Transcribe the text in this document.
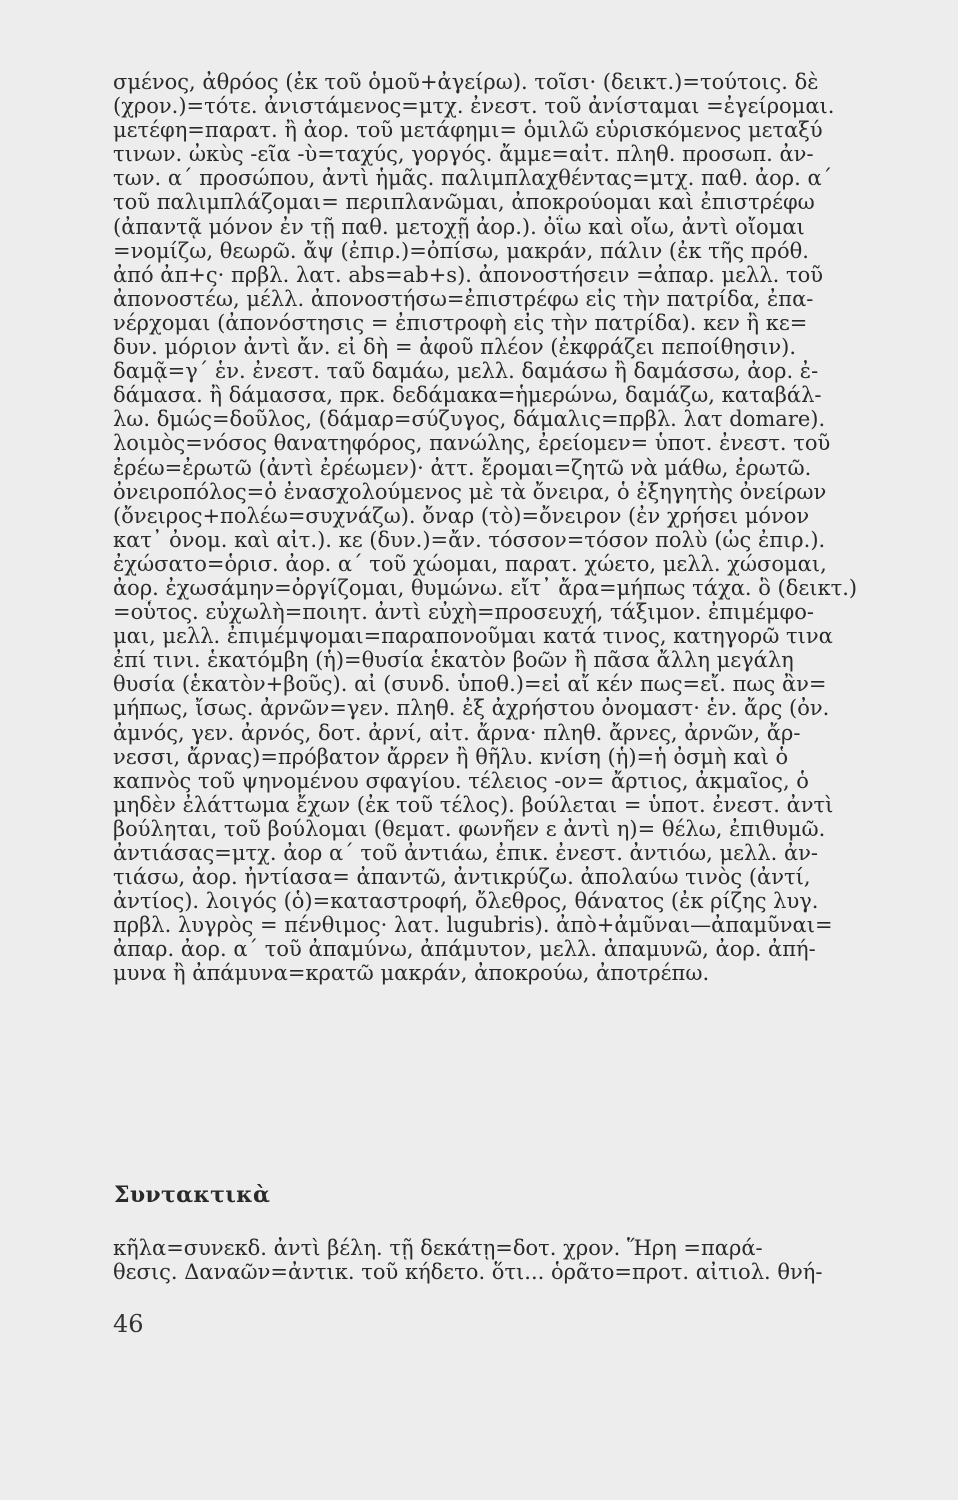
σμένος, ἀθρόος (ἐκ τοῦ ὁμοῦ+ἀγείρω). τοῖσι· (δεικτ.)=τούτοις. δὲ
(χρον.)=τότε. ἀνιστάμενος=μτχ. ἐνεστ. τοῦ ἀνίσταμαι =ἐγείρομαι.
μετέφη=παρατ. ἢ ἀορ. τοῦ μετάφημι= ὁμιλῶ εὑρισκόμενος μεταξύ
τινων. ὠκὺς -εῖα -ὺ=ταχύς, γοργός. ἄμμε=αἰτ. πληθ. προσωπ. ἀν-
των. α΄ προσώπου, ἀντὶ ἡμᾶς. παλιμπλαχθέντας=μτχ. παθ. ἀορ. α΄
τοῦ παλιμπλάζομαι= περιπλανῶμαι, ἀποκρούομαι καὶ ἐπιστρέφω
(ἀπαντᾷ μόνον ἐν τῇ παθ. μετοχῇ ἀορ.). ὀΐω καὶ οἴω, ἀντὶ οἴομαι
=νομίζω, θεωρῶ. ἄψ (ἐπιρ.)=ὀπίσω, μακράν, πάλιν (ἐκ τῆς πρόθ.
ἀπό ἀπ+ς· πρβλ. λατ. abs=ab+s). ἀπονοστήσειν =ἀπαρ. μελλ. τοῦ
ἀπονοστέω, μέλλ. ἀπονοστήσω=ἐπιστρέφω εἰς τὴν πατρίδα, ἐπα-
νέρχομαι (ἀπονόστησις = ἐπιστροφὴ εἰς τὴν πατρίδα). κεν ἢ κε=
δυν. μόριον ἀντὶ ἄν. εἰ δὴ = ἀφοῦ πλέον (ἐκφράζει πεποίθησιν).
δαμᾷ=γ΄ ἑν. ἐνεστ. ταῦ δαμάω, μελλ. δαμάσω ἢ δαμάσσω, ἀορ. ἐ-
δάμασα. ἢ δάμασσα, πρκ. δεδάμακα=ἡμερώνω, δαμάζω, καταβάλ-
λω. δμώς=δοῦλος, (δάμαρ=σύζυγος, δάμαλις=πρβλ. λατ domare).
λοιμὸς=νόσος θανατηφόρος, πανώλης, ἐρείομεν= ὑποτ. ἐνεστ. τοῦ
ἐρέω=ἐρωτῶ (ἀντὶ ἐρέωμεν)· ἀττ. ἔρομαι=ζητῶ νὰ μάθω, ἐρωτῶ.
ὀνειροπόλος=ὁ ἐνασχολούμενος μὲ τὰ ὄνειρα, ὁ ἐξηγητὴς ὀνείρων
(ὄνειρος+πολέω=συχνάζω). ὄναρ (τὸ)=ὄνειρον (ἐν χρήσει μόνον
κατ᾽ ὀνομ. καὶ αἰτ.). κε (δυν.)=ἄν. τόσσον=τόσον πολὺ (ὡς ἐπιρ.).
ἐχώσατο=ὁρισ. ἀορ. α΄ τοῦ χώομαι, παρατ. χώετο, μελλ. χώσομαι,
ἀορ. ἐχωσάμην=ὀργίζομαι, θυμώνω. εἴτ᾽ ἄρα=μήπως τάχα. ὃ (δεικτ.)
=οὗτος. εὐχωλὴ=ποιητ. ἀντὶ εὐχὴ=προσευχή, τάξιμον. ἐπιμέμφο-
μαι, μελλ. ἐπιμέμψομαι=παραπονοῦμαι κατά τινος, κατηγορῶ τινα
ἐπί τινι. ἑκατόμβη (ἡ)=θυσία ἑκατὸν βοῶν ἢ πᾶσα ἄλλη μεγάλη
θυσία (ἑκατὸν+βοῦς). αἰ (συνδ. ὑποθ.)=εἰ αἴ κέν πως=εἴ. πως ἂν=
μήπως, ἴσως. ἀρνῶν=γεν. πληθ. ἐξ ἀχρήστου ὀνομαστ· ἑν. ἄρς (ὀν.
ἀμνός, γεν. ἀρνός, δοτ. ἀρνί, αἰτ. ἄρνα· πληθ. ἄρνες, ἀρνῶν, ἄρ-
νεσσι, ἄρνας)=πρόβατον ἄρρεν ἢ θῆλυ. κνίση (ἡ)=ἡ ὀσμὴ καὶ ὁ
καπνὸς τοῦ ψηνομένου σφαγίου. τέλειος -ον= ἄρτιος, ἀκμαῖος, ὁ
μηδὲν ἐλάττωμα ἔχων (ἐκ τοῦ τέλος). βούλεται = ὑποτ. ἐνεστ. ἀντὶ
βούληται, τοῦ βούλομαι (θεματ. φωνῆεν ε ἀντὶ η)= θέλω, ἐπιθυμῶ.
ἀντιάσας=μτχ. ἀορ α΄ τοῦ ἀντιάω, ἐπικ. ἐνεστ. ἀντιόω, μελλ. ἀν-
τιάσω, ἀορ. ἠντίασα= ἀπαντῶ, ἀντικρύζω. ἀπολαύω τινὸς (ἀντί,
ἀντίος). λοιγός (ὁ)=καταστροφή, ὄλεθρος, θάνατος (ἐκ ρίζης λυγ.
πρβλ. λυγρὸς = πένθιμος· λατ. lugubris). ἀπὸ+ἀμῦναι—ἀπαμῦναι=
ἀπαρ. ἀορ. α΄ τοῦ ἀπαμύνω, ἀπάμυτον, μελλ. ἀπαμυνῶ, ἀορ. ἀπή-
μυνα ἢ ἀπάμυνα=κρατῶ μακράν, ἀποκρούω, ἀποτρέπω.
Συντακτικὰ
κῆλα=συνεκδ. ἀντὶ βέλη. τῇ δεκάτῃ=δοτ. χρον. Ἥρη =παρά-
θεσις. Δαναῶν=ἀντικ. τοῦ κήδετο. ὅτι... ὁρᾶτο=προτ. αἰτιολ. θνή-
46
